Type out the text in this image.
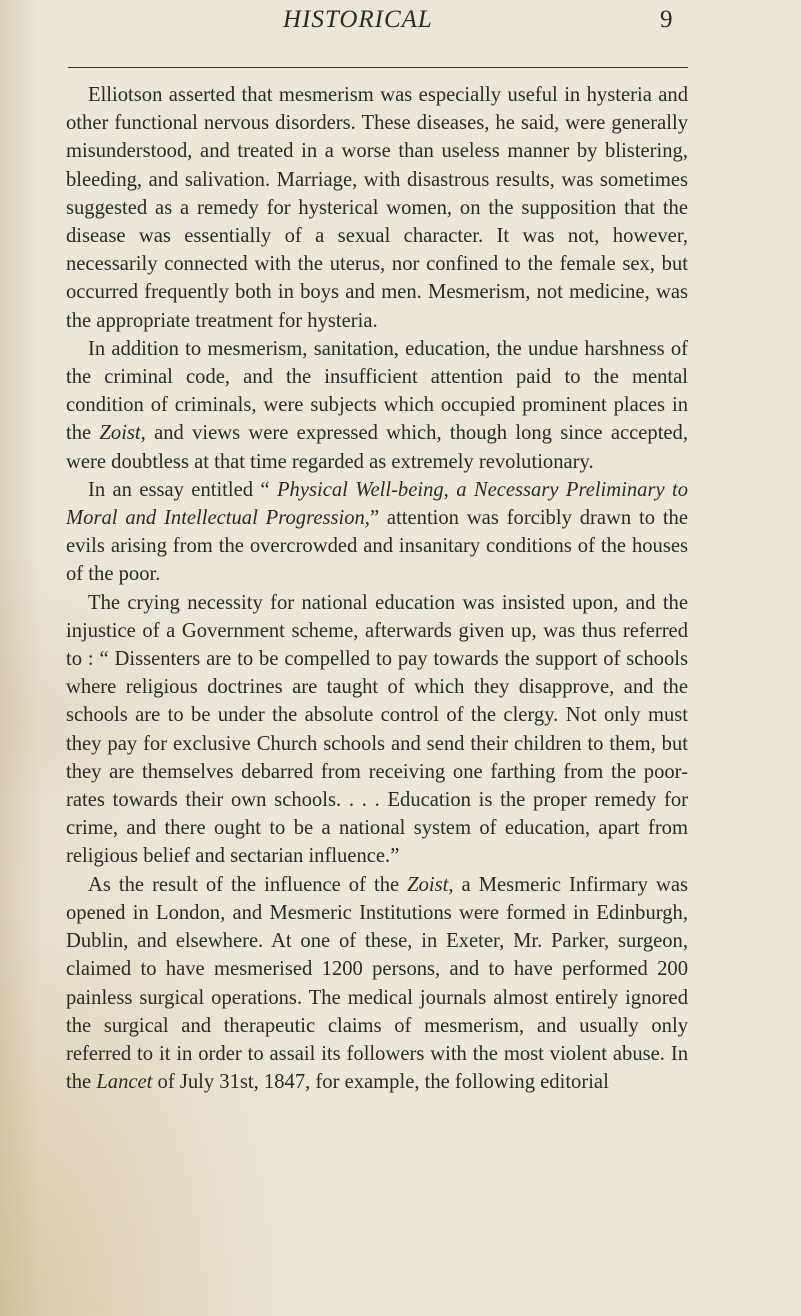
HISTORICAL	9

Elliotson asserted that mesmerism was especially useful in hysteria and other functional nervous disorders. These diseases, he said, were generally misunderstood, and treated in a worse than useless manner by blistering, bleeding, and salivation. Marriage, with disastrous results, was sometimes suggested as a remedy for hysterical women, on the supposition that the disease was essentially of a sexual character. It was not, however, necessarily connected with the uterus, nor confined to the female sex, but occurred frequently both in boys and men. Mesmerism, not medicine, was the appropriate treatment for hysteria.

In addition to mesmerism, sanitation, education, the undue harshness of the criminal code, and the insufficient attention paid to the mental condition of criminals, were subjects which occupied prominent places in the Zoist, and views were expressed which, though long since accepted, were doubtless at that time regarded as extremely revolutionary.

In an essay entitled “ Physical Well-being, a Necessary Preliminary to Moral and Intellectual Progression,” attention was forcibly drawn to the evils arising from the overcrowded and insanitary conditions of the houses of the poor.

The crying necessity for national education was insisted upon, and the injustice of a Government scheme, afterwards given up, was thus referred to : “ Dissenters are to be compelled to pay towards the support of schools where religious doctrines are taught of which they disapprove, and the schools are to be under the absolute control of the clergy. Not only must they pay for exclusive Church schools and send their children to them, but they are themselves debarred from receiving one farthing from the poor-rates towards their own schools. . . . Education is the proper remedy for crime, and there ought to be a national system of education, apart from religious belief and sectarian influence.”

As the result of the influence of the Zoist, a Mesmeric Infirmary was opened in London, and Mesmeric Institutions were formed in Edinburgh, Dublin, and elsewhere. At one of these, in Exeter, Mr. Parker, surgeon, claimed to have mesmerised 1200 persons, and to have performed 200 painless surgical operations. The medical journals almost entirely ignored the surgical and therapeutic claims of mesmerism, and usually only referred to it in order to assail its followers with the most violent abuse. In the Lancet of July 31st, 1847, for example, the following editorial
